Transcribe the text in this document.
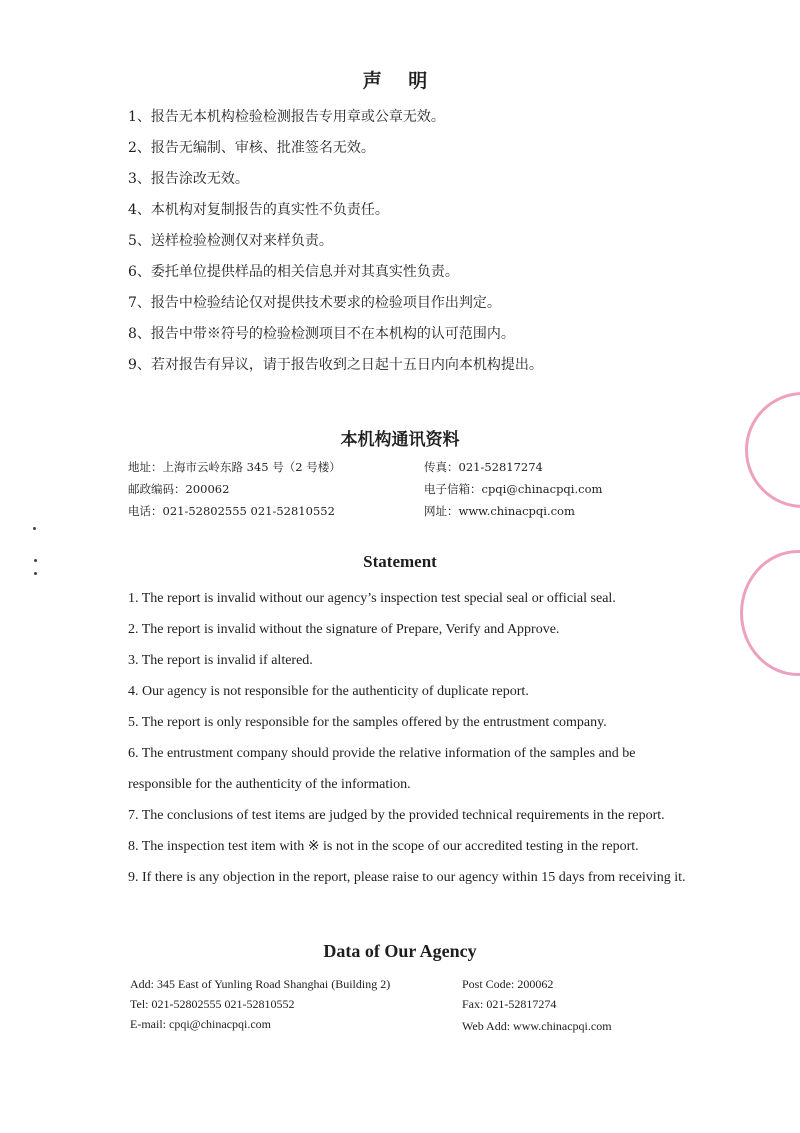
声 明
1、报告无本机构检验检测报告专用章或公章无效。
2、报告无编制、审核、批准签名无效。
3、报告涂改无效。
4、本机构对复制报告的真实性不负责任。
5、送样检验检测仅对来样负责。
6、委托单位提供样品的相关信息并对其真实性负责。
7、报告中检验结论仅对提供技术要求的检验项目作出判定。
8、报告中带※符号的检验检测项目不在本机构的认可范围内。
9、若对报告有异议，请于报告收到之日起十五日内向本机构提出。
本机构通讯资料
地址：上海市云岭东路 345 号（2 号楼）
邮政编码：200062
电话：021-52802555 021-52810552
传真：021-52817274
电子信箱：cpqi@chinacpqi.com
网址：www.chinacpqi.com
Statement
1. The report is invalid without our agency’s inspection test special seal or official seal.
2. The report is invalid without the signature of Prepare, Verify and Approve.
3. The report is invalid if altered.
4. Our agency is not responsible for the authenticity of duplicate report.
5. The report is only responsible for the samples offered by the entrustment company.
6. The entrustment company should provide the relative information of the samples and be
responsible for the authenticity of the information.
7. The conclusions of test items are judged by the provided technical requirements in the report.
8. The inspection test item with ※ is not in the scope of our accredited testing in the report.
9. If there is any objection in the report, please raise to our agency within 15 days from receiving it.
Data of Our Agency
Add: 345 East of Yunling Road Shanghai (Building 2)
Tel: 021-52802555 021-52810552
E-mail: cpqi@chinacpqi.com
Post Code: 200062
Fax: 021-52817274
Web Add: www.chinacpqi.com
